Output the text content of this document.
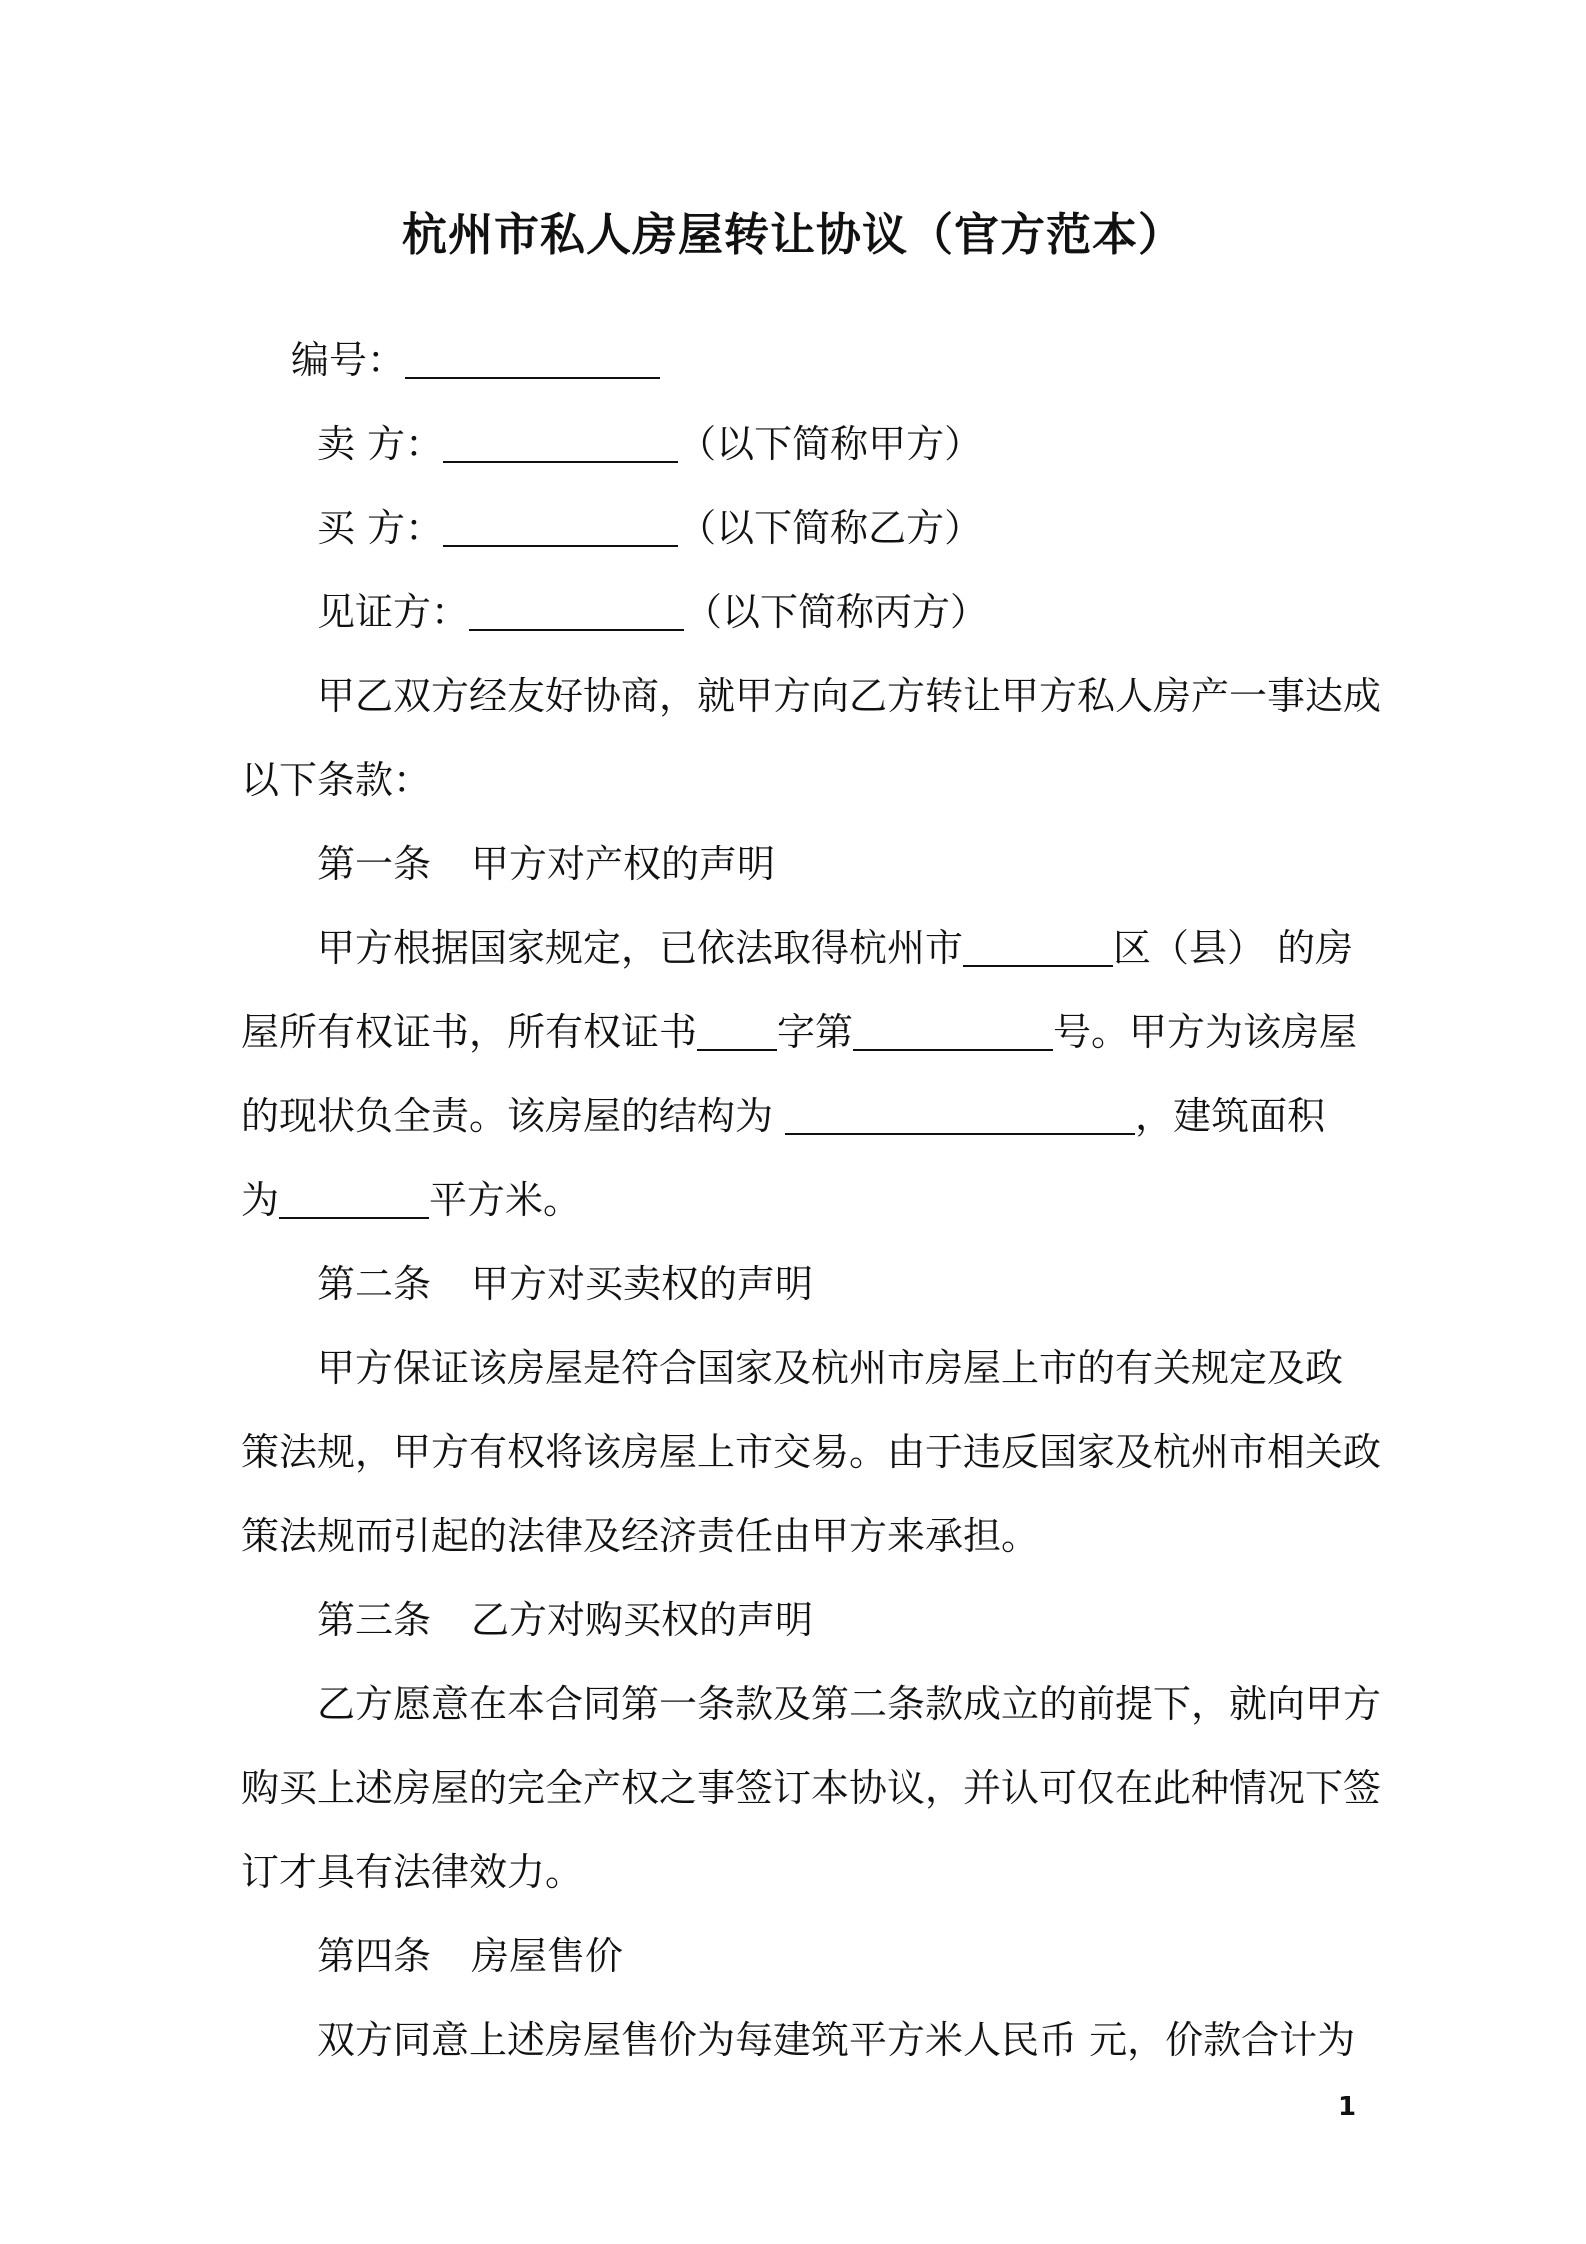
杭州市私人房屋转让协议（官方范本）
编号：
卖 方：	（以下简称甲方）
买 方：	（以下简称乙方）
见证方：	（以下简称丙方）
甲乙双方经友好协商，就甲方向乙方转让甲方私人房产一事达成
以下条款：
第一条 甲方对产权的声明
甲方根据国家规定，已依法取得杭州市	区（县） 的房
屋所有权证书，所有权证书 字第	号。甲方为该房屋
的现状负全责。该房屋的结构为	，建筑面积
为	平方米。
第二条 甲方对买卖权的声明
甲方保证该房屋是符合国家及杭州市房屋上市的有关规定及政
策法规，甲方有权将该房屋上市交易。由于违反国家及杭州市相关政
策法规而引起的法律及经济责任由甲方来承担。
第三条 乙方对购买权的声明
乙方愿意在本合同第一条款及第二条款成立的前提下，就向甲方
购买上述房屋的完全产权之事签订本协议，并认可仅在此种情况下签
订才具有法律效力。
第四条 房屋售价
双方同意上述房屋售价为每建筑平方米人民币 元，价款合计为
1
